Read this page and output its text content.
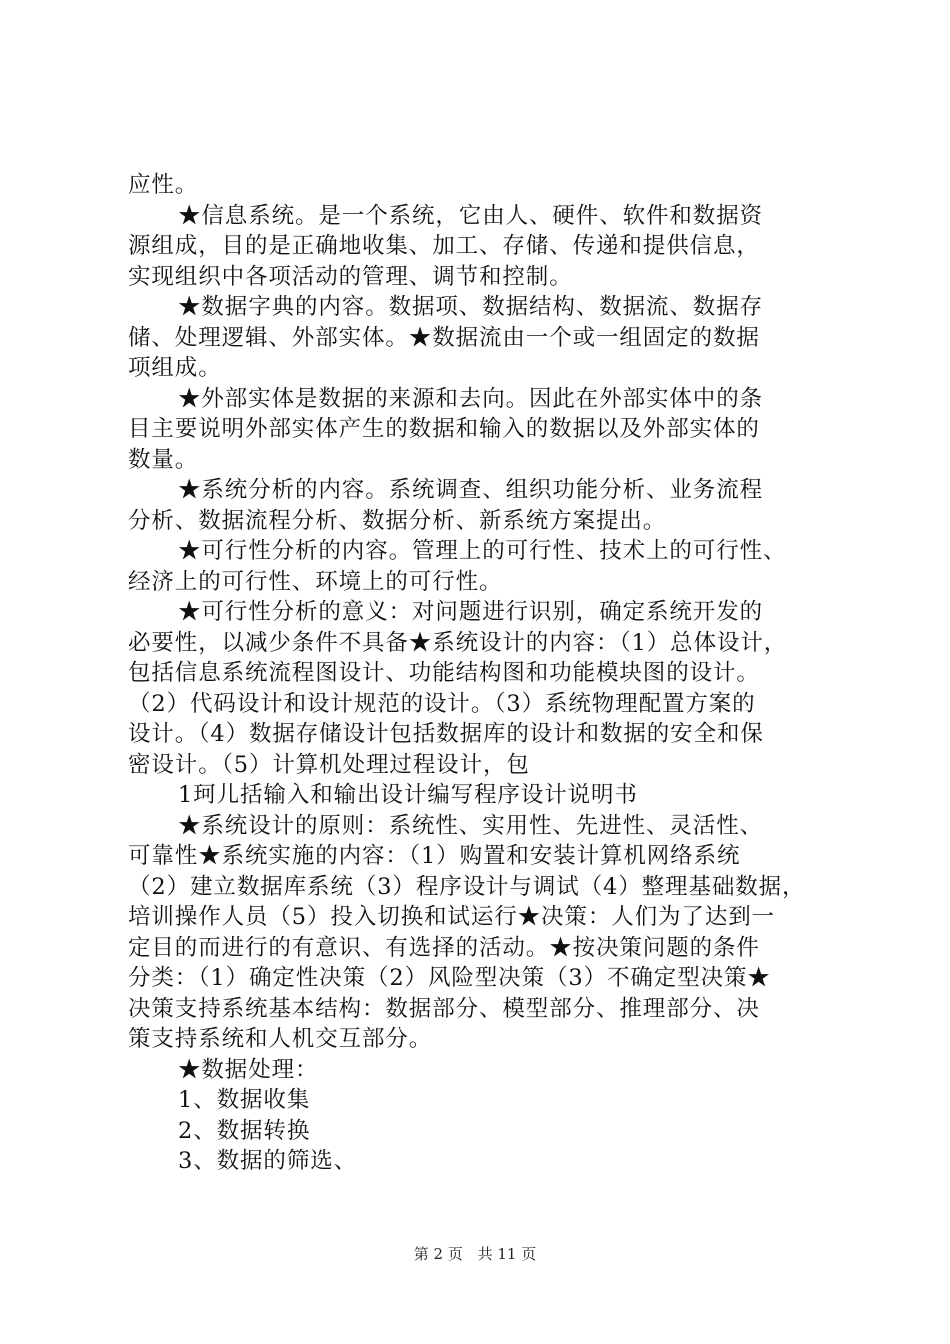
应性。
★信息系统。是一个系统，它由人、硬件、软件和数据资
源组成，目的是正确地收集、加工、存储、传递和提供信息，
实现组织中各项活动的管理、调节和控制。
★数据字典的内容。数据项、数据结构、数据流、数据存
储、处理逻辑、外部实体。★数据流由一个或一组固定的数据
项组成。
★外部实体是数据的来源和去向。因此在外部实体中的条
目主要说明外部实体产生的数据和输入的数据以及外部实体的
数量。
★系统分析的内容。系统调查、组织功能分析、业务流程
分析、数据流程分析、数据分析、新系统方案提出。
★可行性分析的内容。管理上的可行性、技术上的可行性、
经济上的可行性、环境上的可行性。
★可行性分析的意义：对问题进行识别，确定系统开发的
必要性，以减少条件不具备★系统设计的内容：（1）总体设计，
包括信息系统流程图设计、功能结构图和功能模块图的设计。
（2）代码设计和设计规范的设计。（3）系统物理配置方案的
设计。（4）数据存储设计包括数据库的设计和数据的安全和保
密设计。（5）计算机处理过程设计，包
1珂儿括输入和输出设计编写程序设计说明书
★系统设计的原则：系统性、实用性、先进性、灵活性、
可靠性★系统实施的内容：（1）购置和安装计算机网络系统
（2）建立数据库系统（3）程序设计与调试（4）整理基础数据，
培训操作人员（5）投入切换和试运行★决策：人们为了达到一
定目的而进行的有意识、有选择的活动。★按决策问题的条件
分类：（1）确定性决策（2）风险型决策（3）不确定型决策★
决策支持系统基本结构：数据部分、模型部分、推理部分、决
策支持系统和人机交互部分。
★数据处理：
1、数据收集
2、数据转换
3、数据的筛选、
第 2 页 共 11 页
